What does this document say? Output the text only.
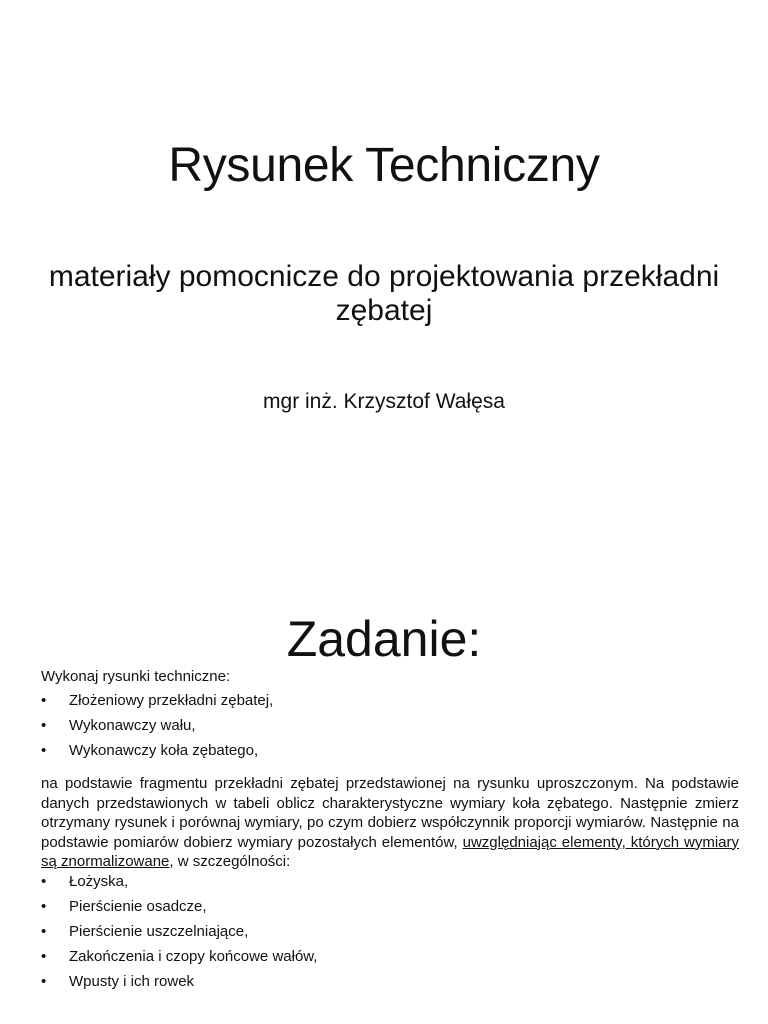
Rysunek Techniczny

materiały pomocnicze do projektowania przekładni zębatej

mgr inż. Krzysztof Wałęsa

Zadanie:

Wykonaj rysunki techniczne:

•	Złożeniowy przekładni zębatej,
•	Wykonawczy wału,
•	Wykonawczy koła zębatego,

na podstawie fragmentu przekładni zębatej przedstawionej na rysunku uproszczonym. Na podstawie danych przedstawionych w tabeli oblicz charakterystyczne wymiary koła zębatego. Następnie zmierz otrzymany rysunek i porównaj wymiary, po czym dobierz współczynnik proporcji wymiarów. Następnie na podstawie pomiarów dobierz wymiary pozostałych elementów, uwzględniając elementy, których wymiary są znormalizowane, w szczególności:

•	Łożyska,
•	Pierścienie osadcze,
•	Pierścienie uszczelniające,
•	Zakończenia i czopy końcowe wałów,
•	Wpusty i ich rowek
